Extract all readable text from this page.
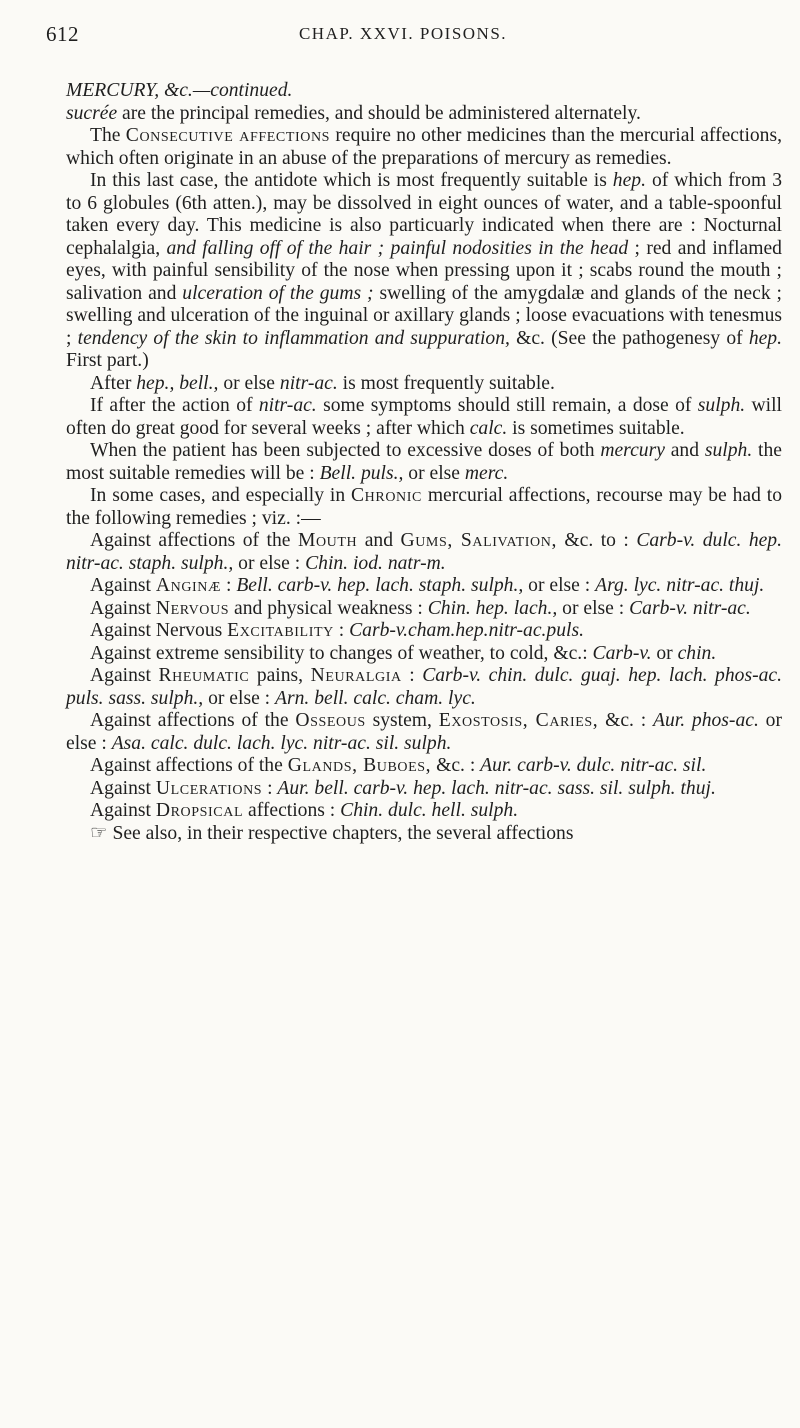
612	CHAP. XXVI. POISONS.

MERCURY, &c.—continued.

sucrée are the principal remedies, and should be administered alternately.

The Consecutive affections require no other medicines than the mercurial affections, which often originate in an abuse of the preparations of mercury as remedies.

In this last case, the antidote which is most frequently suitable is hep. of which from 3 to 6 globules (6th atten.), may be dissolved in eight ounces of water, and a table-spoonful taken every day. This medicine is also particuarly indicated when there are : Nocturnal cephalalgia, and falling off of the hair ; painful nodosities in the head ; red and inflamed eyes, with painful sensibility of the nose when pressing upon it ; scabs round the mouth ; salivation and ulceration of the gums ; swelling of the amygdalæ and glands of the neck ; swelling and ulceration of the inguinal or axillary glands ; loose evacuations with tenesmus ; tendency of the skin to inflammation and suppuration, &c. (See the pathogenesy of hep. First part.)

After hep., bell., or else nitr-ac. is most frequently suitable.

If after the action of nitr-ac. some symptoms should still remain, a dose of sulph. will often do great good for several weeks ; after which calc. is sometimes suitable.

When the patient has been subjected to excessive doses of both mercury and sulph. the most suitable remedies will be : Bell. puls., or else merc.

In some cases, and especially in Chronic mercurial affections, recourse may be had to the following remedies ; viz. :—

Against affections of the Mouth and Gums, Salivation, &c. to : Carb-v. dulc. hep. nitr-ac. staph. sulph., or else : Chin. iod. natr-m.

Against Anginæ : Bell. carb-v. hep. lach. staph. sulph., or else : Arg. lyc. nitr-ac. thuj.

Against Nervous and physical weakness : Chin. hep. lach., or else : Carb-v. nitr-ac.

Against Nervous Excitability : Carb-v.cham.hep.nitr-ac.puls.

Against extreme sensibility to changes of weather, to cold, &c.: Carb-v. or chin.

Against Rheumatic pains, Neuralgia : Carb-v. chin. dulc. guaj. hep. lach. phos-ac. puls. sass. sulph., or else : Arn. bell. calc. cham. lyc.

Against affections of the Osseous system, Exostosis, Caries, &c. : Aur. phos-ac. or else : Asa. calc. dulc. lach. lyc. nitr-ac. sil. sulph.

Against affections of the Glands, Buboes, &c. : Aur. carb-v. dulc. nitr-ac. sil.

Against Ulcerations : Aur. bell. carb-v. hep. lach. nitr-ac. sass. sil. sulph. thuj.

Against Dropsical affections : Chin. dulc. hell. sulph.

☞ See also, in their respective chapters, the several affections
